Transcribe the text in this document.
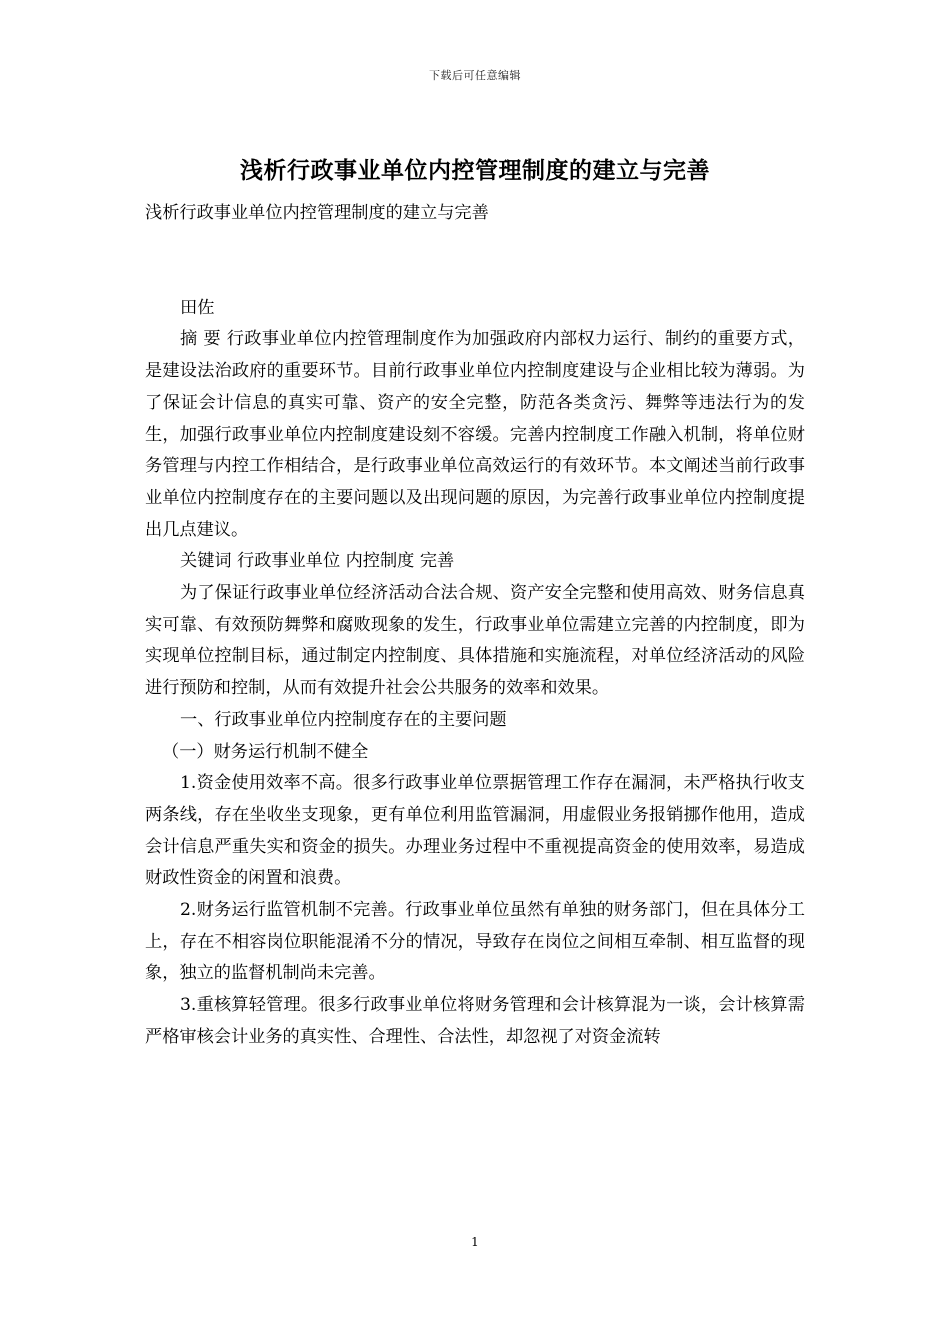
下载后可任意编辑
浅析行政事业单位内控管理制度的建立与完善

浅析行政事业单位内控管理制度的建立与完善

田佐

摘 要 行政事业单位内控管理制度作为加强政府内部权力运行、制约的重要方式，是建设法治政府的重要环节。目前行政事业单位内控制度建设与企业相比较为薄弱。为了保证会计信息的真实可靠、资产的安全完整，防范各类贪污、舞弊等违法行为的发生，加强行政事业单位内控制度建设刻不容缓。完善内控制度工作融入机制，将单位财务管理与内控工作相结合，是行政事业单位高效运行的有效环节。本文阐述当前行政事业单位内控制度存在的主要问题以及出现问题的原因，为完善行政事业单位内控制度提出几点建议。

关键词 行政事业单位 内控制度 完善

为了保证行政事业单位经济活动合法合规、资产安全完整和使用高效、财务信息真实可靠、有效预防舞弊和腐败现象的发生，行政事业单位需建立完善的内控制度，即为实现单位控制目标，通过制定内控制度、具体措施和实施流程，对单位经济活动的风险进行预防和控制，从而有效提升社会公共服务的效率和效果。

一、行政事业单位内控制度存在的主要问题

（一）财务运行机制不健全

1.资金使用效率不高。很多行政事业单位票据管理工作存在漏洞，未严格执行收支两条线，存在坐收坐支现象，更有单位利用监管漏洞，用虚假业务报销挪作他用，造成会计信息严重失实和资金的损失。办理业务过程中不重视提高资金的使用效率，易造成财政性资金的闲置和浪费。

2.财务运行监管机制不完善。行政事业单位虽然有单独的财务部门，但在具体分工上，存在不相容岗位职能混淆不分的情况，导致存在岗位之间相互牵制、相互监督的现象，独立的监督机制尚未完善。

3.重核算轻管理。很多行政事业单位将财务管理和会计核算混为一谈，会计核算需严格审核会计业务的真实性、合理性、合法性，却忽视了对资金流转

1
